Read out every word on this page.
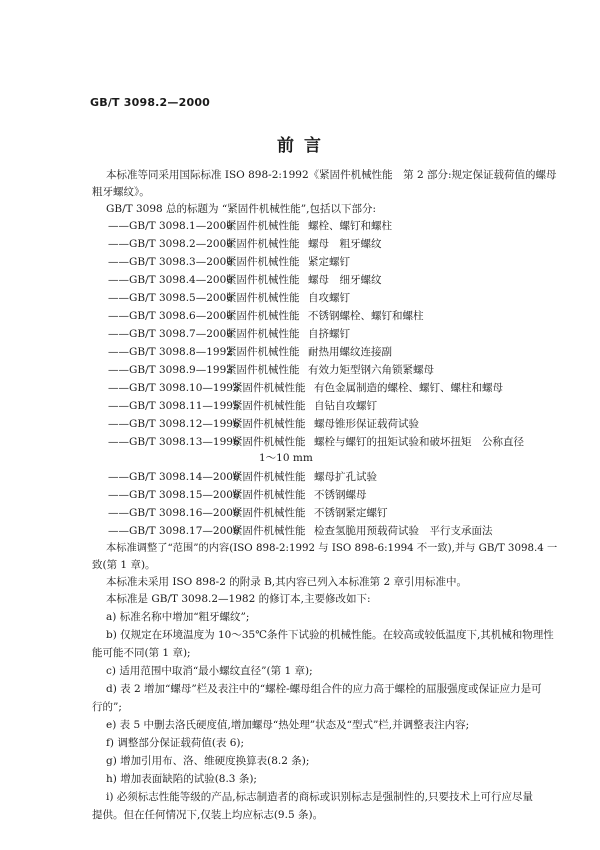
GB/T 3098.2—2000
前 言
本标准等同采用国际标准 ISO 898-2:1992《紧固件机械性能　第 2 部分:规定保证载荷值的螺母
粗牙螺纹》。
GB/T 3098 总的标题为 “紧固件机械性能”,包括以下部分:
——GB/T 3098.1—2000紧固件机械性能 螺栓、螺钉和螺柱
——GB/T 3098.2—2000紧固件机械性能 螺母　粗牙螺纹
——GB/T 3098.3—2000紧固件机械性能 紧定螺钉
——GB/T 3098.4—2000紧固件机械性能 螺母　细牙螺纹
——GB/T 3098.5—2000紧固件机械性能 自攻螺钉
——GB/T 3098.6—2000紧固件机械性能 不锈钢螺栓、螺钉和螺柱
——GB/T 3098.7—2000紧固件机械性能 自挤螺钉
——GB/T 3098.8—1992紧固件机械性能 耐热用螺纹连接副
——GB/T 3098.9—1993紧固件机械性能 有效力矩型钢六角锁紧螺母
——GB/T 3098.10—1993紧固件机械性能 有色金属制造的螺栓、螺钉、螺柱和螺母
——GB/T 3098.11—1995紧固件机械性能 自钻自攻螺钉
——GB/T 3098.12—1996紧固件机械性能 螺母锥形保证载荷试验
——GB/T 3098.13—1996紧固件机械性能 螺栓与螺钉的扭矩试验和破坏扭矩　公称直径
1～10 mm
——GB/T 3098.14—2000紧固件机械性能 螺母扩孔试验
——GB/T 3098.15—2000紧固件机械性能 不锈钢螺母
——GB/T 3098.16—2000紧固件机械性能 不锈钢紧定螺钉
——GB/T 3098.17—2000紧固件机械性能 检查氢脆用预载荷试验　平行支承面法
本标准调整了“范围”的内容(ISO 898-2:1992 与 ISO 898-6:1994 不一致),并与 GB/T 3098.4 一
致(第 1 章)。
本标准未采用 ISO 898-2 的附录 B,其内容已列入本标准第 2 章引用标准中。
本标准是 GB/T 3098.2—1982 的修订本,主要修改如下:
a) 标准名称中增加“粗牙螺纹”;
b) 仅规定在环境温度为 10～35℃条件下试验的机械性能。在较高或较低温度下,其机械和物理性
能可能不同(第 1 章);
c) 适用范围中取消“最小螺纹直径”(第 1 章);
d) 表 2 增加“螺母”栏及表注中的“螺栓-螺母组合件的应力高于螺栓的屈服强度或保证应力是可
行的”;
e) 表 5 中删去洛氏硬度值,增加螺母“热处理”状态及“型式”栏,并调整表注内容;
f) 调整部分保证载荷值(表 6);
g) 增加引用布、洛、维硬度换算表(8.2 条);
h) 增加表面缺陷的试验(8.3 条);
i) 必须标志性能等级的产品,标志制造者的商标或识别标志是强制性的,只要技术上可行应尽量
提供。但在任何情况下,仅装上均应标志(9.5 条)。
